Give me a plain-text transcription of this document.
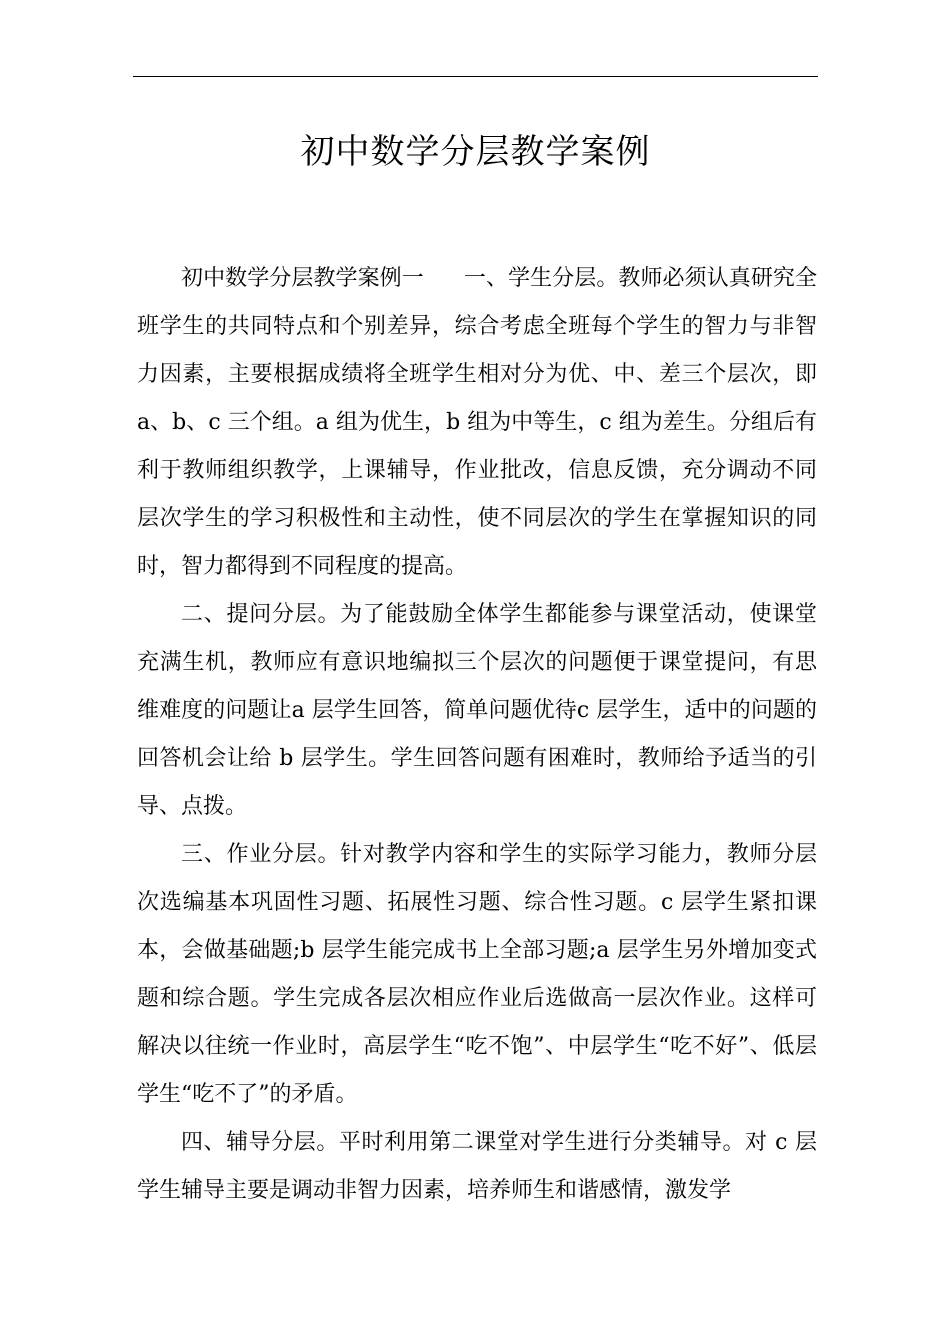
初中数学分层教学案例

初中数学分层教学案例一 一、学生分层。教师必须认真研究全班学生的共同特点和个别差异，综合考虑全班每个学生的智力与非智力因素，主要根据成绩将全班学生相对分为优、中、差三个层次，即 a、b、c 三个组。a 组为优生，b 组为中等生，c 组为差生。分组后有利于教师组织教学，上课辅导，作业批改，信息反馈，充分调动不同层次学生的学习积极性和主动性，使不同层次的学生在掌握知识的同时，智力都得到不同程度的提高。

二、提问分层。为了能鼓励全体学生都能参与课堂活动，使课堂充满生机，教师应有意识地编拟三个层次的问题便于课堂提问，有思维难度的问题让a 层学生回答，简单问题优待c 层学生，适中的问题的回答机会让给 b 层学生。学生回答问题有困难时，教师给予适当的引导、点拨。

三、作业分层。针对教学内容和学生的实际学习能力，教师分层次选编基本巩固性习题、拓展性习题、综合性习题。c 层学生紧扣课本，会做基础题;b 层学生能完成书上全部习题;a 层学生另外增加变式题和综合题。学生完成各层次相应作业后选做高一层次作业。这样可解决以往统一作业时，高层学生“吃不饱”、中层学生“吃不好”、低层学生“吃不了”的矛盾。

四、辅导分层。平时利用第二课堂对学生进行分类辅导。对 c 层学生辅导主要是调动非智力因素，培养师生和谐感情，激发学
